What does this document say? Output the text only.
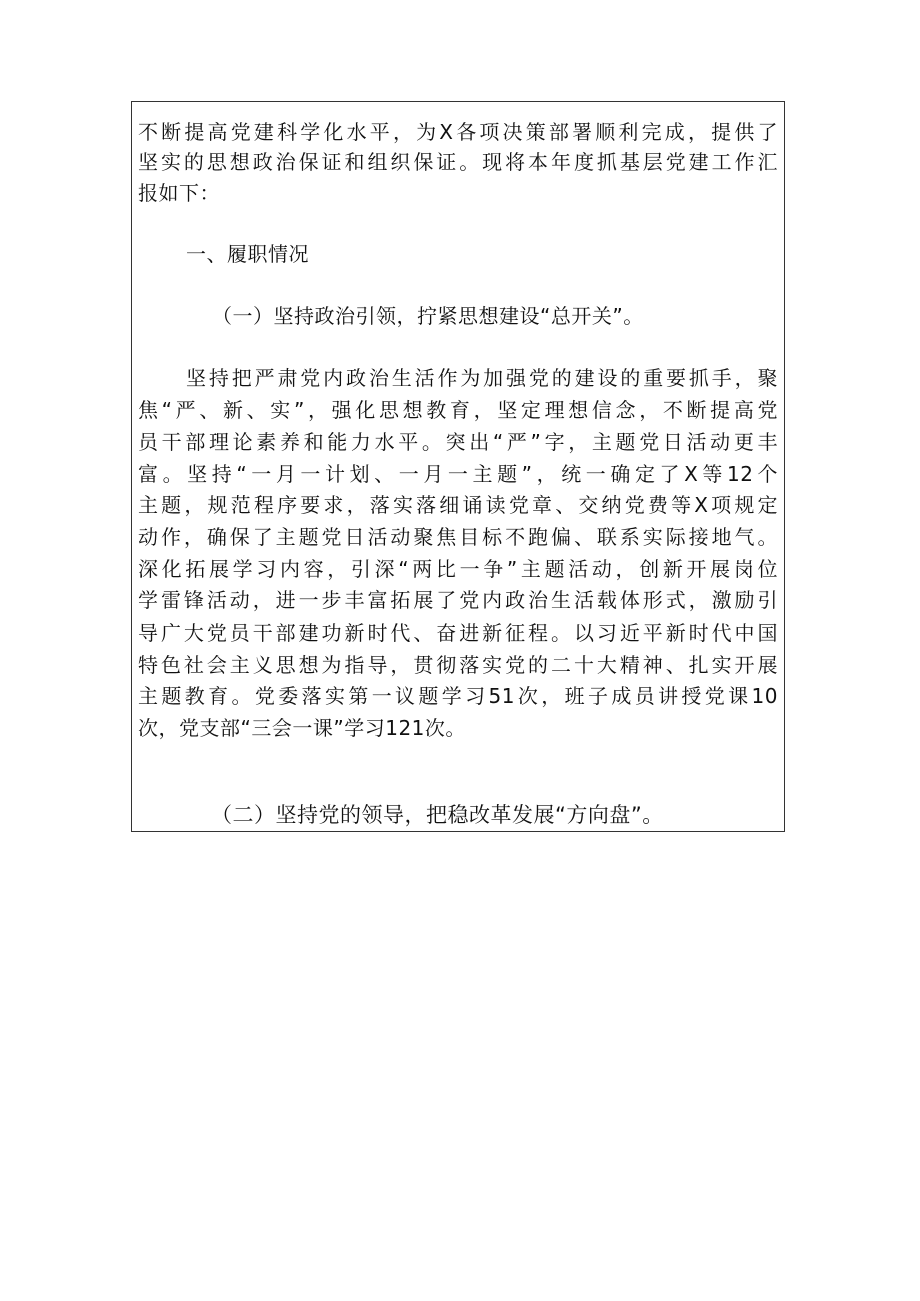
不断提高党建科学化水平，为X各项决策部署顺利完成，提供了
坚实的思想政治保证和组织保证。现将本年度抓基层党建工作汇
报如下：
一、履职情况
（一）坚持政治引领，拧紧思想建设“总开关”。
坚持把严肃党内政治生活作为加强党的建设的重要抓手，聚
焦“严、新、实”，强化思想教育，坚定理想信念，不断提高党
员干部理论素养和能力水平。突出“严”字，主题党日活动更丰
富。坚持“一月一计划、一月一主题”，统一确定了X等12个
主题，规范程序要求，落实落细诵读党章、交纳党费等X项规定
动作，确保了主题党日活动聚焦目标不跑偏、联系实际接地气。
深化拓展学习内容，引深“两比一争”主题活动，创新开展岗位
学雷锋活动，进一步丰富拓展了党内政治生活载体形式，激励引
导广大党员干部建功新时代、奋进新征程。以习近平新时代中国
特色社会主义思想为指导，贯彻落实党的二十大精神、扎实开展
主题教育。党委落实第一议题学习51次，班子成员讲授党课10
次，党支部“三会一课”学习121次。
（二）坚持党的领导，把稳改革发展“方向盘”。
